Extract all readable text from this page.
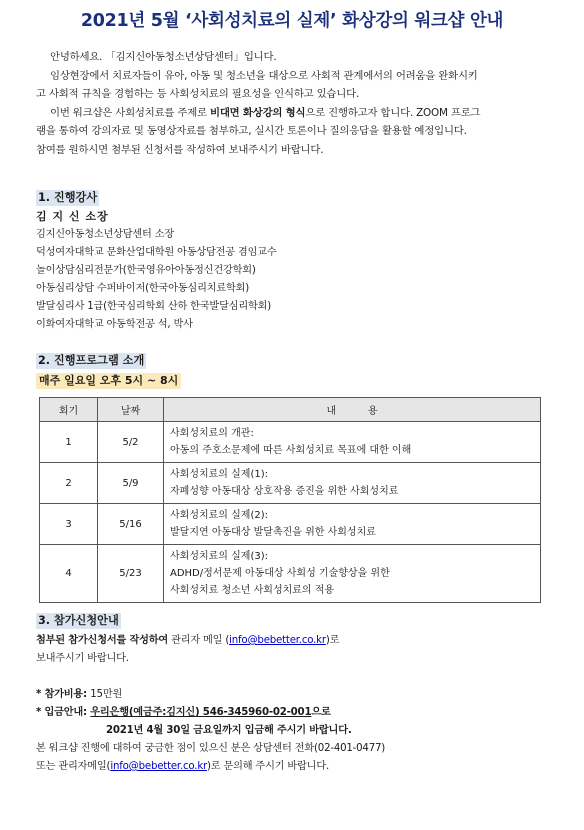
2021년 5월 ‘사회성치료의 실제’ 화상강의 워크샵 안내

안녕하세요. 「김지신아동청소년상담센터」입니다.

임상현장에서 치료자들이 유아, 아동 및 청소년을 대상으로 사회적 관계에서의 어려움을 완화시키

고 사회적 규칙을 경험하는 등 사회성치료의 필요성을 인식하고 있습니다.

이번 워크샵은 사회성치료를 주제로 비대면 화상강의 형식으로 진행하고자 합니다. ZOOM 프로그

램을 통하여 강의자료 및 동영상자료를 첨부하고, 실시간 토론이나 질의응답을 활용할 예정입니다.

참여를 원하시면 첨부된 신청서를 작성하여 보내주시기 바랍니다.

1. 진행강사
김 지 신 소장
김지신아동청소년상담센터 소장
덕성여자대학교 문화산업대학원 아동상담전공 겸임교수
놀이상담심리전문가(한국영유아아동정신건강학회)
아동심리상담 수퍼바이저(한국아동심리치료학회)
발달심리사 1급(한국심리학회 산하 한국발달심리학회)
이화여자대학교 아동학전공 석, 박사
2. 진행프로그램 소개
매주 일요일 오후 5시 ~ 8시
회기	날짜	내          용
1	5/2	사회성치료의 개관:
아동의 주호소문제에 따른 사회성치료 목표에 대한 이해

2	5/9	사회성치료의 실제(1):
자폐성향 아동대상 상호작용 증진을 위한 사회성치료

3	5/16	사회성치료의 실제(2):
발달지연 아동대상 발달촉진을 위한 사회성치료

4	5/23	사회성치료의 실제(3):
ADHD/정서문제 아동대상 사회성 기술향상을 위한
사회성치료 청소년 사회성치료의 적용
3. 참가신청안내
첨부된 참가신청서를 작성하여 관리자 메일 (info@bebetter.co.kr)로
보내주시기 바랍니다.
* 참가비용: 15만원
* 입금안내: 우리은행(예금주:김지신) 546-345960-02-001으로
2021년 4월 30일 금요일까지 입금해 주시기 바랍니다.
본 워크샵 진행에 대하여 궁금한 점이 있으신 분은 상담센터 전화(02-401-0477)
또는 관리자메일(info@bebetter.co.kr)로 문의해 주시기 바랍니다.
